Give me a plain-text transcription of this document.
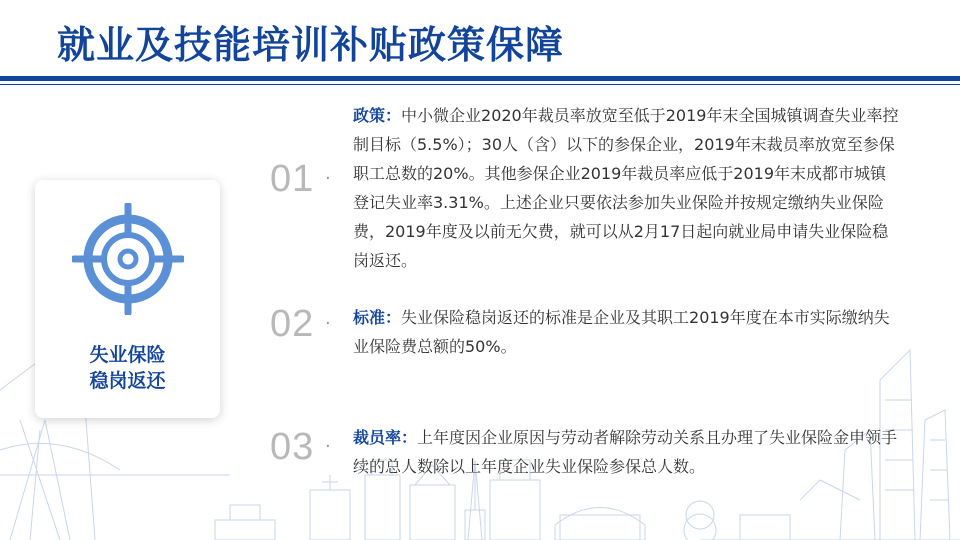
就业及技能培训补贴政策保障
失业保险
稳岗返还
01 ·
政策：中小微企业2020年裁员率放宽至低于2019年末全国城镇调查失业率控制目标（5.5%）；30人（含）以下的参保企业，2019年末裁员率放宽至参保职工总数的20%。其他参保企业2019年裁员率应低于2019年末成都市城镇登记失业率3.31%。上述企业只要依法参加失业保险并按规定缴纳失业保险费，2019年度及以前无欠费，就可以从2月17日起向就业局申请失业保险稳岗返还。
02 · 标准：失业保险稳岗返还的标准是企业及其职工2019年度在本市实际缴纳失业保险费总额的50%。
03 · 裁员率：上年度因企业原因与劳动者解除劳动关系且办理了失业保险金申领手续的总人数除以上年度企业失业保险参保总人数。
